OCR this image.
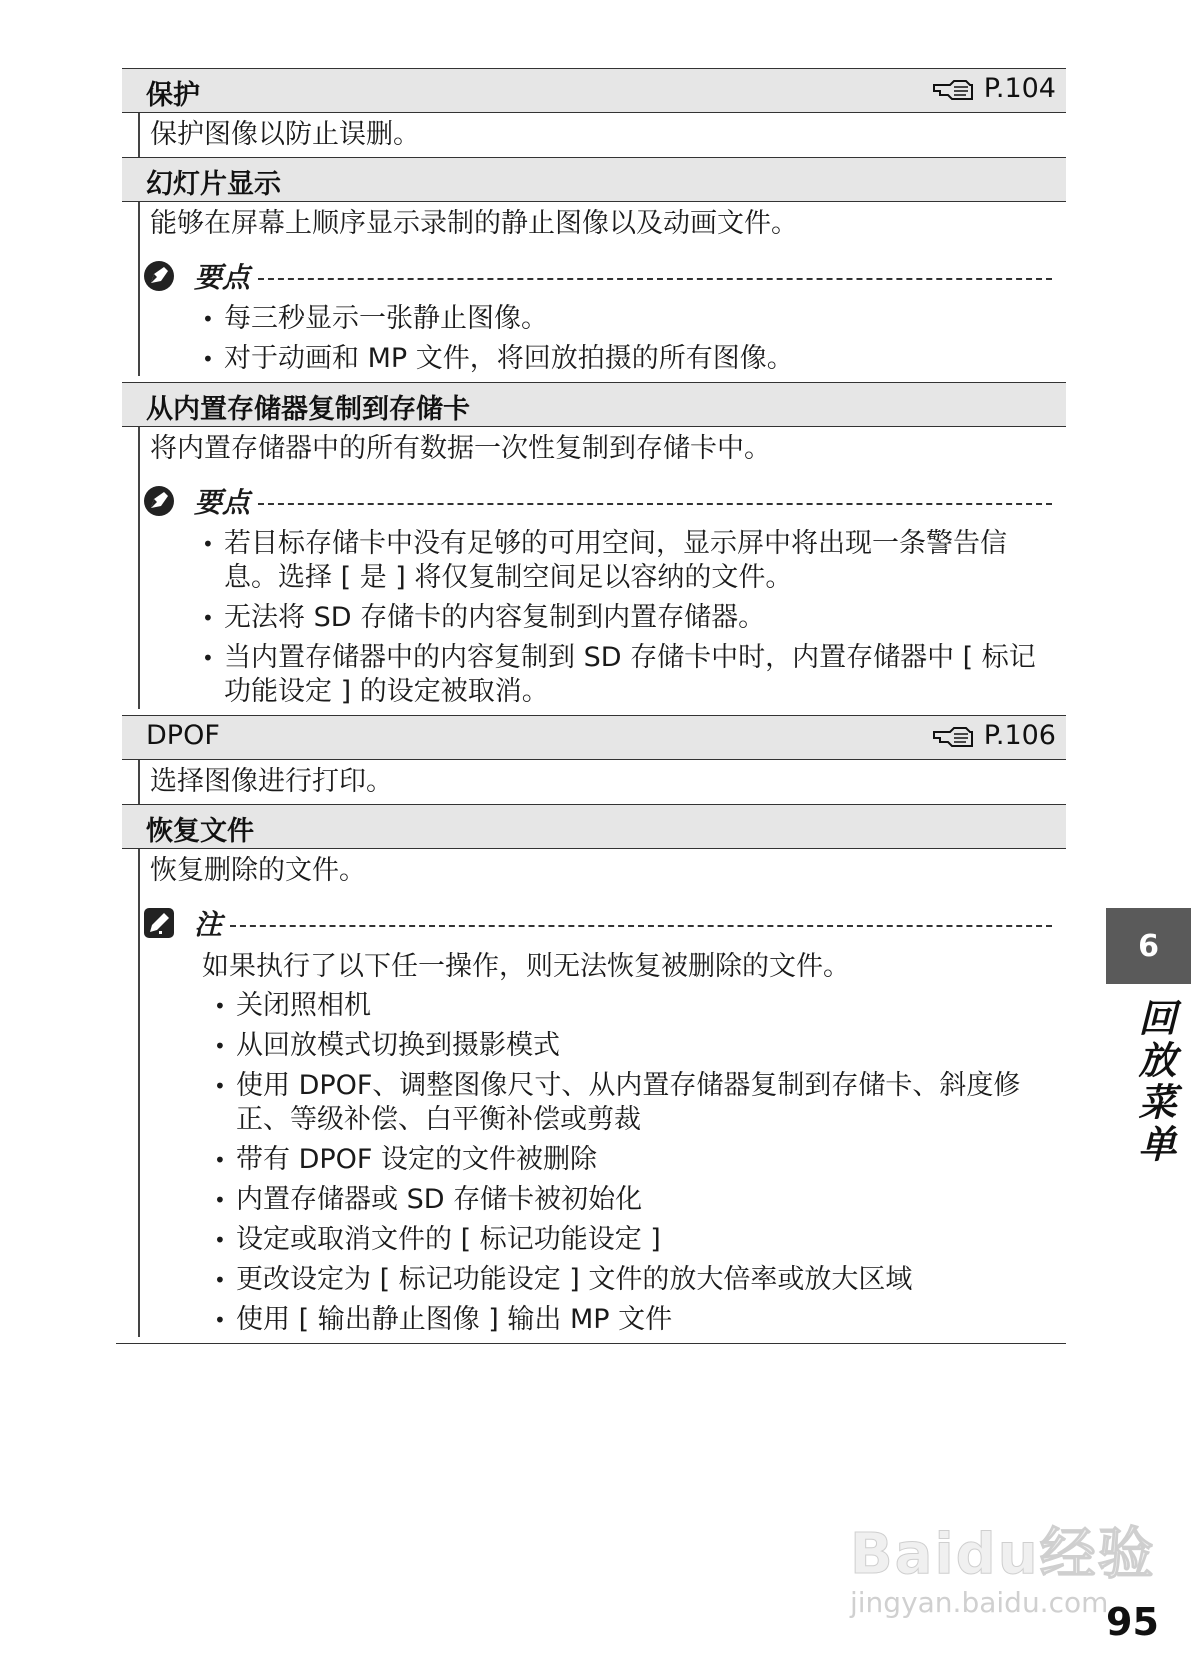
保护	P.104
保护图像以防止误删。
幻灯片显示
能够在屏幕上顺序显示录制的静止图像以及动画文件。
要点
• 每三秒显示一张静止图像。
• 对于动画和 MP 文件，将回放拍摄的所有图像。
从内置存储器复制到存储卡
将内置存储器中的所有数据一次性复制到存储卡中。
要点
• 若目标存储卡中没有足够的可用空间，显示屏中将出现一条警告信息。选择 [ 是 ] 将仅复制空间足以容纳的文件。
• 无法将 SD 存储卡的内容复制到内置存储器。
• 当内置存储器中的内容复制到 SD 存储卡中时，内置存储器中 [ 标记功能设定 ] 的设定被取消。
DPOF	P.106
选择图像进行打印。
恢复文件
恢复删除的文件。
注
如果执行了以下任一操作，则无法恢复被删除的文件。
• 关闭照相机
• 从回放模式切换到摄影模式
• 使用 DPOF、调整图像尺寸、从内置存储器复制到存储卡、斜度修正、等级补偿、白平衡补偿或剪裁
• 带有 DPOF 设定的文件被删除
• 内置存储器或 SD 存储卡被初始化
• 设定或取消文件的 [ 标记功能设定 ]
• 更改设定为 [ 标记功能设定 ] 文件的放大倍率或放大区域
• 使用 [ 输出静止图像 ] 输出 MP 文件
6
回放菜单
Baidu经验
jingyan.baidu.com
95
